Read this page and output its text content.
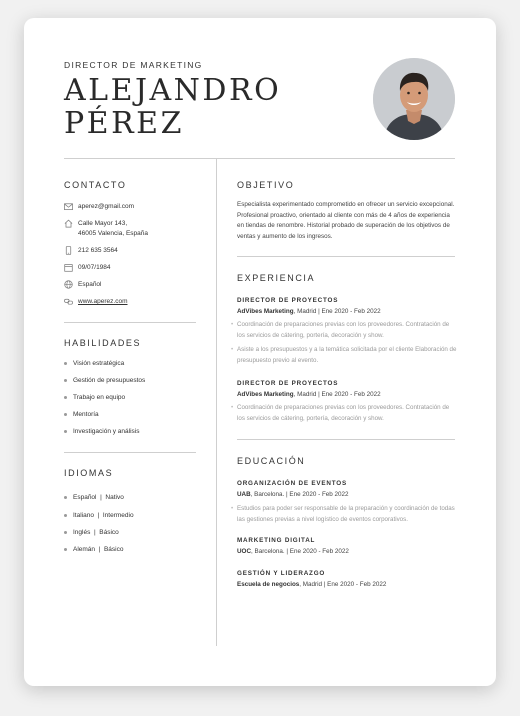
DIRECTOR DE MARKETING
ALEJANDRO
PÉREZ
CONTACTO
aperez@gmail.com
Calle Mayor 143,
46005 Valencia, España
212 635 3564
09/07/1984
Español
www.aperez.com
HABILIDADES
Visión estratégica
Gestión de presupuestos
Trabajo en equipo
Mentoría
Investigación y análisis
IDIOMAS
Español  |  Nativo
Italiano  |  Intermedio
Inglés  |  Básico
Alemán  |  Básico
OBJETIVO
Especialista experimentado comprometido en ofrecer un servicio excepcional. Profesional proactivo, orientado al cliente con más de 4 años de experiencia en tiendas de renombre. Historial probado de superación de los objetivos de ventas y aumento de los ingresos.
EXPERIENCIA
DIRECTOR DE PROYECTOS
AdVibes Marketing, Madrid | Ene 2020 - Feb 2022
• Coordinación de preparaciones previas con los proveedores. Contratación de los servicios de cátering, portería, decoración y show.
• Asiste a los presupuestos y a la temática solicitada por el cliente Elaboración de presupuesto previo al evento.
DIRECTOR DE PROYECTOS
AdVibes Marketing, Madrid | Ene 2020 - Feb 2022
• Coordinación de preparaciones previas con los proveedores. Contratación de los servicios de cátering, portería, decoración y show.
EDUCACIÓN
ORGANIZACIÓN DE EVENTOS
UAB, Barcelona. | Ene 2020 - Feb 2022
• Estudios para poder ser responsable de la preparación y coordinación de todas las gestiones previas a nivel logístico de eventos corporativos.
MARKETING DIGITAL
UOC, Barcelona. | Ene 2020 - Feb 2022
GESTIÓN Y LIDERAZGO
Escuela de negocios, Madrid | Ene 2020 - Feb 2022
